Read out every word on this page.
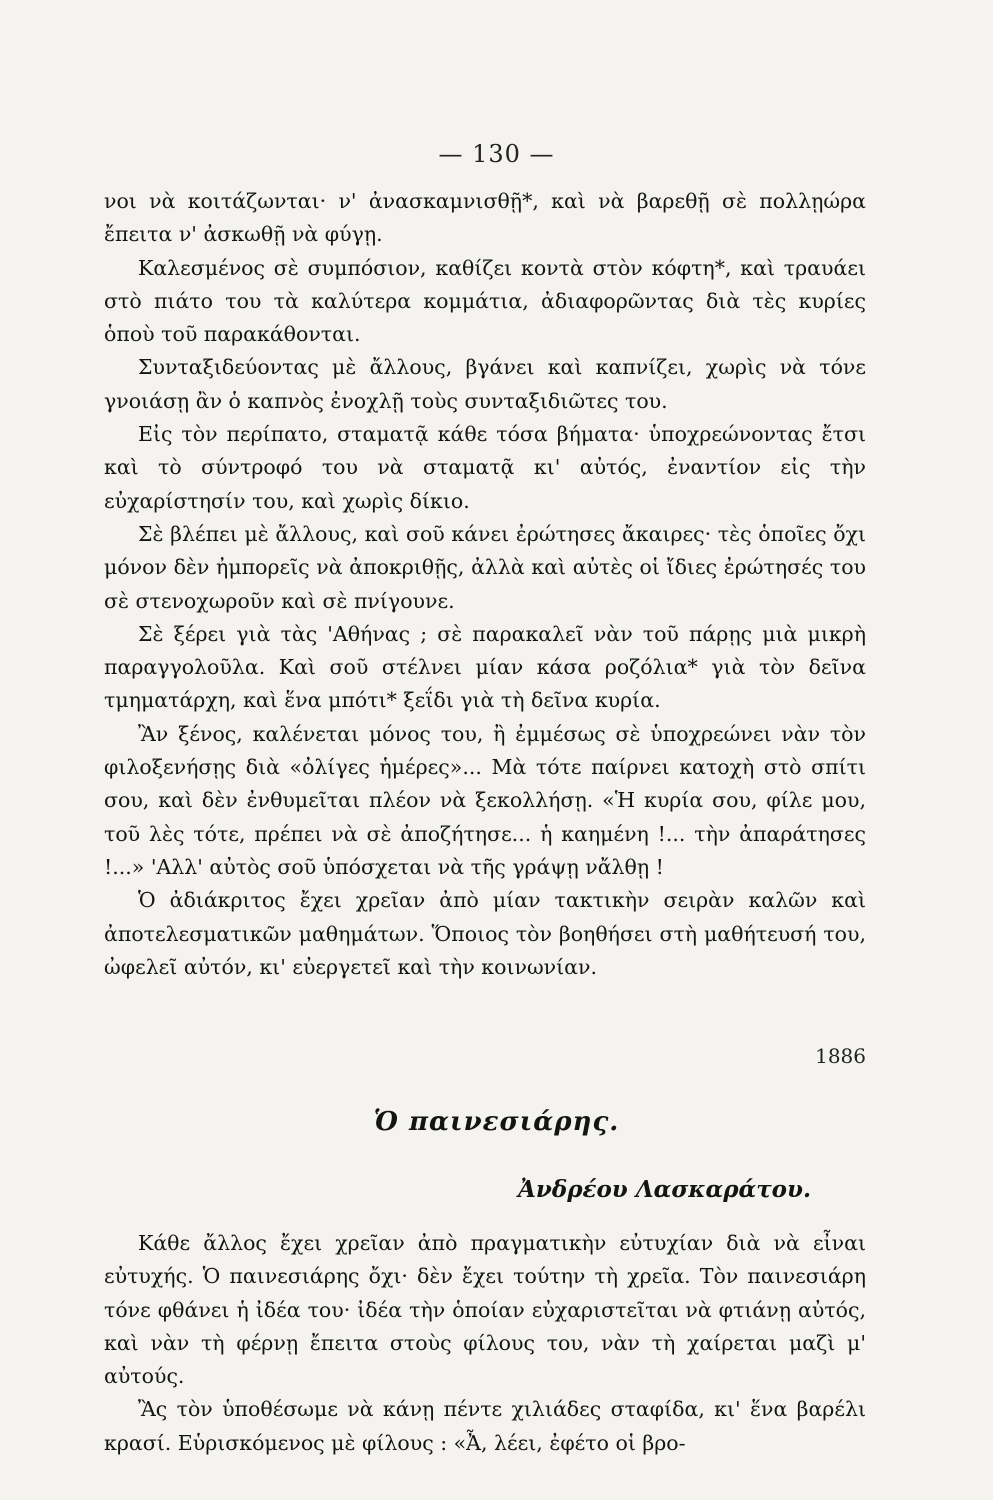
— 130 —

νοι νὰ κοιτάζωνται· ν' ἀνασκαμνισθῇ*, καὶ νὰ βαρεθῇ σὲ πολλῃώρα ἔπειτα ν' ἀσκωθῇ νὰ φύγῃ.

Καλεσμένος σὲ συμπόσιον, καθίζει κοντὰ στὸν κόφτη*, καὶ τραυάει στὸ πιάτο του τὰ καλύτερα κομμάτια, ἀδιαφορῶντας διὰ τὲς κυρίες ὁποὺ τοῦ παρακάθονται.

Συνταξιδεύοντας μὲ ἄλλους, βγάνει καὶ καπνίζει, χωρὶς νὰ τόνε γνοιάσῃ ἂν ὁ καπνὸς ἐνοχλῇ τοὺς συνταξιδιῶτες του.

Εἰς τὸν περίπατο, σταματᾷ κάθε τόσα βήματα· ὑποχρεώνοντας ἔτσι καὶ τὸ σύντροφό του νὰ σταματᾷ κι' αὐτός, ἐναντίον εἰς τὴν εὐχαρίστησίν του, καὶ χωρὶς δίκιο.

Σὲ βλέπει μὲ ἄλλους, καὶ σοῦ κάνει ἐρώτησες ἄκαιρες· τὲς ὁποῖες ὄχι μόνον δὲν ἠμπορεῖς νὰ ἀποκριθῇς, ἀλλὰ καὶ αὐτὲς οἱ ἴδιες ἐρώτησές του σὲ στενοχωροῦν καὶ σὲ πνίγουνε.

Σὲ ξέρει γιὰ τὰς 'Αθήνας ; σὲ παρακαλεῖ νὰν τοῦ πάρῃς μιὰ μικρὴ παραγγολοῦλα. Καὶ σοῦ στέλνει μίαν κάσα ροζόλια* γιὰ τὸν δεῖνα τμηματάρχη, καὶ ἕνα μπότι* ξεΐδι γιὰ τὴ δεῖνα κυρία.

Ἂν ξένος, καλένεται μόνος του, ἢ ἐμμέσως σὲ ὑποχρεώνει νὰν τὸν φιλοξενήσῃς διὰ «ὀλίγες ἡμέρες»... Μὰ τότε παίρνει κατοχὴ στὸ σπίτι σου, καὶ δὲν ἐνθυμεῖται πλέον νὰ ξεκολλήσῃ. «Ἡ κυρία σου, φίλε μου, τοῦ λὲς τότε, πρέπει νὰ σὲ ἀποζήτησε... ἡ καημένη !... τὴν ἀπαράτησες !...» 'Αλλ' αὐτὸς σοῦ ὑπόσχεται νὰ τῆς γράψῃ νἄλθῃ !

Ὁ ἀδιάκριτος ἔχει χρεῖαν ἀπὸ μίαν τακτικὴν σειρὰν καλῶν καὶ ἀποτελεσματικῶν μαθημάτων. Ὅποιος τὸν βοηθήσει στὴ μαθήτευσή του, ὠφελεῖ αὐτόν, κι' εὐεργετεῖ καὶ τὴν κοινωνίαν.

1886
Ὁ παινεσιάρης.
Ἀνδρέου Λασκαράτου.

Κάθε ἄλλος ἔχει χρεῖαν ἀπὸ πραγματικὴν εὐτυχίαν διὰ νὰ εἶναι εὐτυχής. Ὁ παινεσιάρης ὄχι· δὲν ἔχει τούτην τὴ χρεῖα. Τὸν παινεσιάρη τόνε φθάνει ἡ ἰδέα του· ἰδέα τὴν ὁποίαν εὐχαριστεῖται νὰ φτιάνῃ αὐτός, καὶ νὰν τὴ φέρνῃ ἔπειτα στοὺς φίλους του, νὰν τὴ χαίρεται μαζὶ μ' αὐτούς.

Ἂς τὸν ὑποθέσωμε νὰ κάνῃ πέντε χιλιάδες σταφίδα, κι' ἕνα βαρέλι κρασί. Εὑρισκόμενος μὲ φίλους : «Ἆ, λέει, ἐφέτο οἱ βρο-
